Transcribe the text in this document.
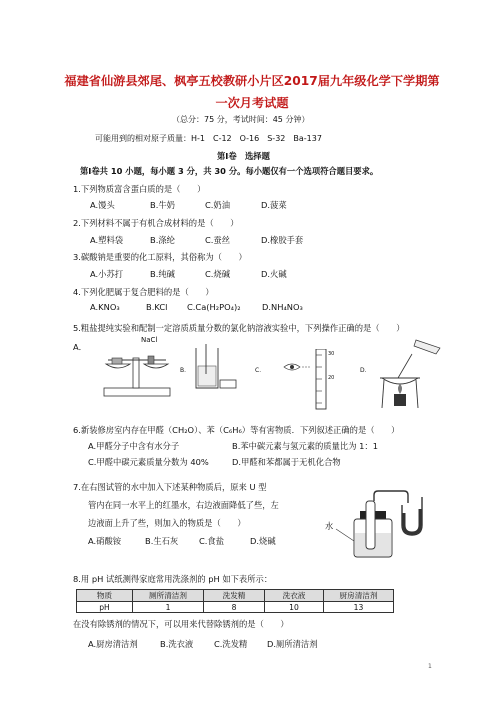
福建省仙游县郊尾、枫亭五校教研小片区2017届九年级化学下学期第
一次月考试题
（总分：75 分，考试时间：45 分钟）
可能用到的相对原子质量：H-1　C-12　O-16　S-32　Ba-137
第Ⅰ卷　选择题
第Ⅰ卷共 10 小题，每小题 3 分，共 30 分。每小题仅有一个选项符合题目要求。
1.下列物质富含蛋白质的是（　　）
A.馒头	B.牛奶	C.奶油	D.菠菜
2.下列材料不属于有机合成材料的是（　　）
A.塑料袋	B.涤纶	C.蚕丝	D.橡胶手套
3.碳酸钠是重要的化工原料，其俗称为（　　）
A.小苏打	B.纯碱	C.烧碱	D.火碱
4.下列化肥属于复合肥料的是（　　）
A.KNO₃	B.KCl C.Ca(H₂PO₄)₂	D.NH₄NO₃
5.粗盐提纯实验和配制一定溶质质量分数的氯化钠溶液实验中，下列操作正确的是（　　）
A．
NaCl
B．	C．
30
20
D．
6.新装修房室内存在甲醛（CH₂O）、苯（C₆H₆）等有害物质．下列叙述正确的是（　　）
A.甲醛分子中含有水分子	B.苯中碳元素与氢元素的质量比为 1：1
C.甲醛中碳元素质量分数为 40%	D.甲醛和苯都属于无机化合物
7.在右图试管的水中加入下述某种物质后，原来 U 型
管内在同一水平上的红墨水，右边液面降低了些，左
边液面上升了些，则加入的物质是（　　）
A.硝酸铵	B.生石灰	C.食盐	D.烧碱
水
8.用 pH 试纸测得家庭常用洗涤剂的 pH 如下表所示：
物质	厕所清洁剂	洗发精	洗衣液	厨房清洁剂
pH	1	8	10	13
在没有除锈剂的情况下，可以用来代替除锈剂的是（　　）
A.厨房清洁剂	B.洗衣液	C.洗发精 D.厕所清洁剂
1
